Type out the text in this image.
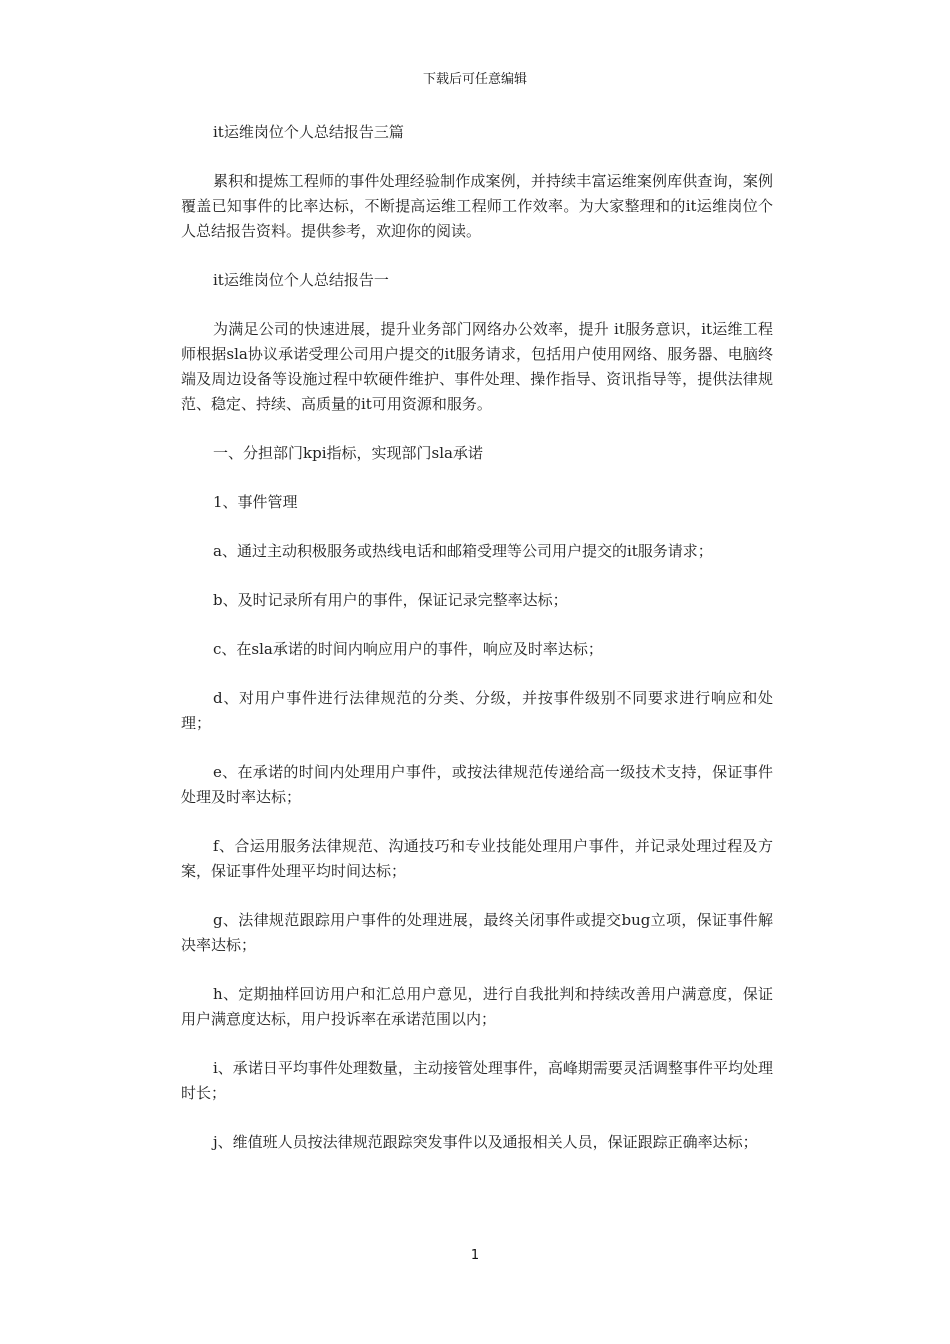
下载后可任意编辑

it运维岗位个人总结报告三篇

累积和提炼工程师的事件处理经验制作成案例，并持续丰富运维案例库供查询，案例覆盖已知事件的比率达标，不断提高运维工程师工作效率。为大家整理和的it运维岗位个人总结报告资料。提供参考，欢迎你的阅读。

it运维岗位个人总结报告一

为满足公司的快速进展，提升业务部门网络办公效率，提升 it服务意识，it运维工程师根据sla协议承诺受理公司用户提交的it服务请求，包括用户使用网络、服务器、电脑终端及周边设备等设施过程中软硬件维护、事件处理、操作指导、资讯指导等，提供法律规范、稳定、持续、高质量的it可用资源和服务。

一、分担部门kpi指标，实现部门sla承诺

1、事件管理

a、通过主动积极服务或热线电话和邮箱受理等公司用户提交的it服务请求；

b、及时记录所有用户的事件，保证记录完整率达标；

c、在sla承诺的时间内响应用户的事件，响应及时率达标；

d、对用户事件进行法律规范的分类、分级，并按事件级别不同要求进行响应和处理；

e、在承诺的时间内处理用户事件，或按法律规范传递给高一级技术支持，保证事件处理及时率达标；

f、合运用服务法律规范、沟通技巧和专业技能处理用户事件，并记录处理过程及方案，保证事件处理平均时间达标；

g、法律规范跟踪用户事件的处理进展，最终关闭事件或提交bug立项，保证事件解决率达标；

h、定期抽样回访用户和汇总用户意见，进行自我批判和持续改善用户满意度，保证用户满意度达标，用户投诉率在承诺范围以内；

i、承诺日平均事件处理数量，主动接管处理事件，高峰期需要灵活调整事件平均处理时长；

j、维值班人员按法律规范跟踪突发事件以及通报相关人员，保证跟踪正确率达标；

1
